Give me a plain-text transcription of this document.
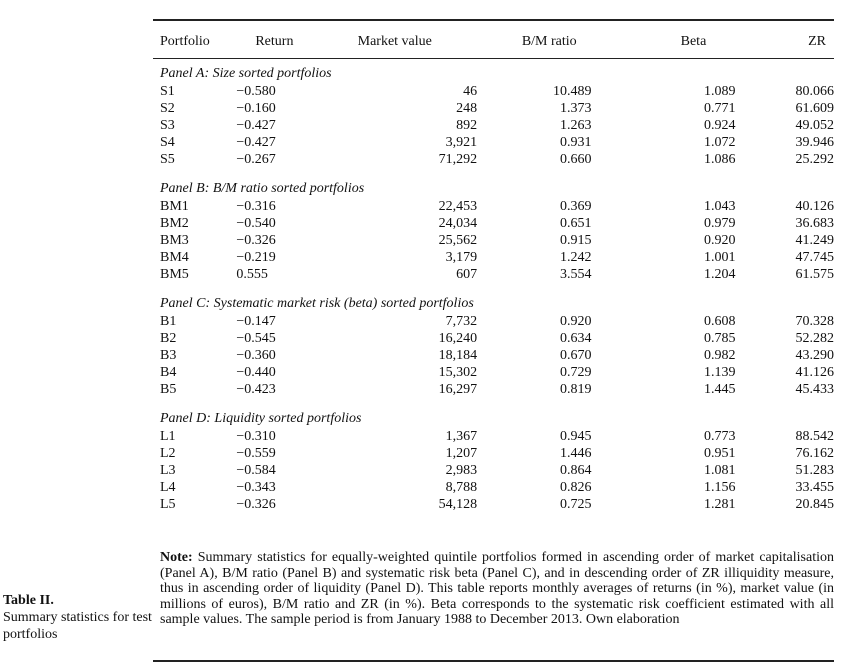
Portfolio	Return	Market value	B/M ratio	Beta	ZR

Panel A: Size sorted portfolios					
S1	−0.580	46	10.489	1.089	80.066
S2	−0.160	248	1.373	0.771	61.609
S3	−0.427	892	1.263	0.924	49.052
S4	−0.427	3,921	0.931	1.072	39.946
S5	−0.267	71,292	0.660	1.086	25.292

Panel B: B/M ratio sorted portfolios					
BM1	−0.316	22,453	0.369	1.043	40.126
BM2	−0.540	24,034	0.651	0.979	36.683
BM3	−0.326	25,562	0.915	0.920	41.249
BM4	−0.219	3,179	1.242	1.001	47.745
BM5	0.555	607	3.554	1.204	61.575

Panel C: Systematic market risk (beta) sorted portfolios					
B1	−0.147	7,732	0.920	0.608	70.328
B2	−0.545	16,240	0.634	0.785	52.282
B3	−0.360	18,184	0.670	0.982	43.290
B4	−0.440	15,302	0.729	1.139	41.126
B5	−0.423	16,297	0.819	1.445	45.433

Panel D: Liquidity sorted portfolios					
L1	−0.310	1,367	0.945	0.773	88.542
L2	−0.559	1,207	1.446	0.951	76.162
L3	−0.584	2,983	0.864	1.081	51.283
L4	−0.343	8,788	0.826	1.156	33.455
L5	−0.326	54,128	0.725	1.281	20.845
Note: Summary statistics for equally-weighted quintile portfolios formed in ascending order of market capitalisation (Panel A), B/M ratio (Panel B) and systematic risk beta (Panel C), and in descending order of ZR illiquidity measure, thus in ascending order of liquidity (Panel D). This table reports monthly averages of returns (in %), market value (in millions of euros), B/M ratio and ZR (in %). Beta corresponds to the systematic risk coefficient estimated with all sample values. The sample period is from January 1988 to December 2013. Own elaboration
Table II.
Summary statistics for test portfolios
